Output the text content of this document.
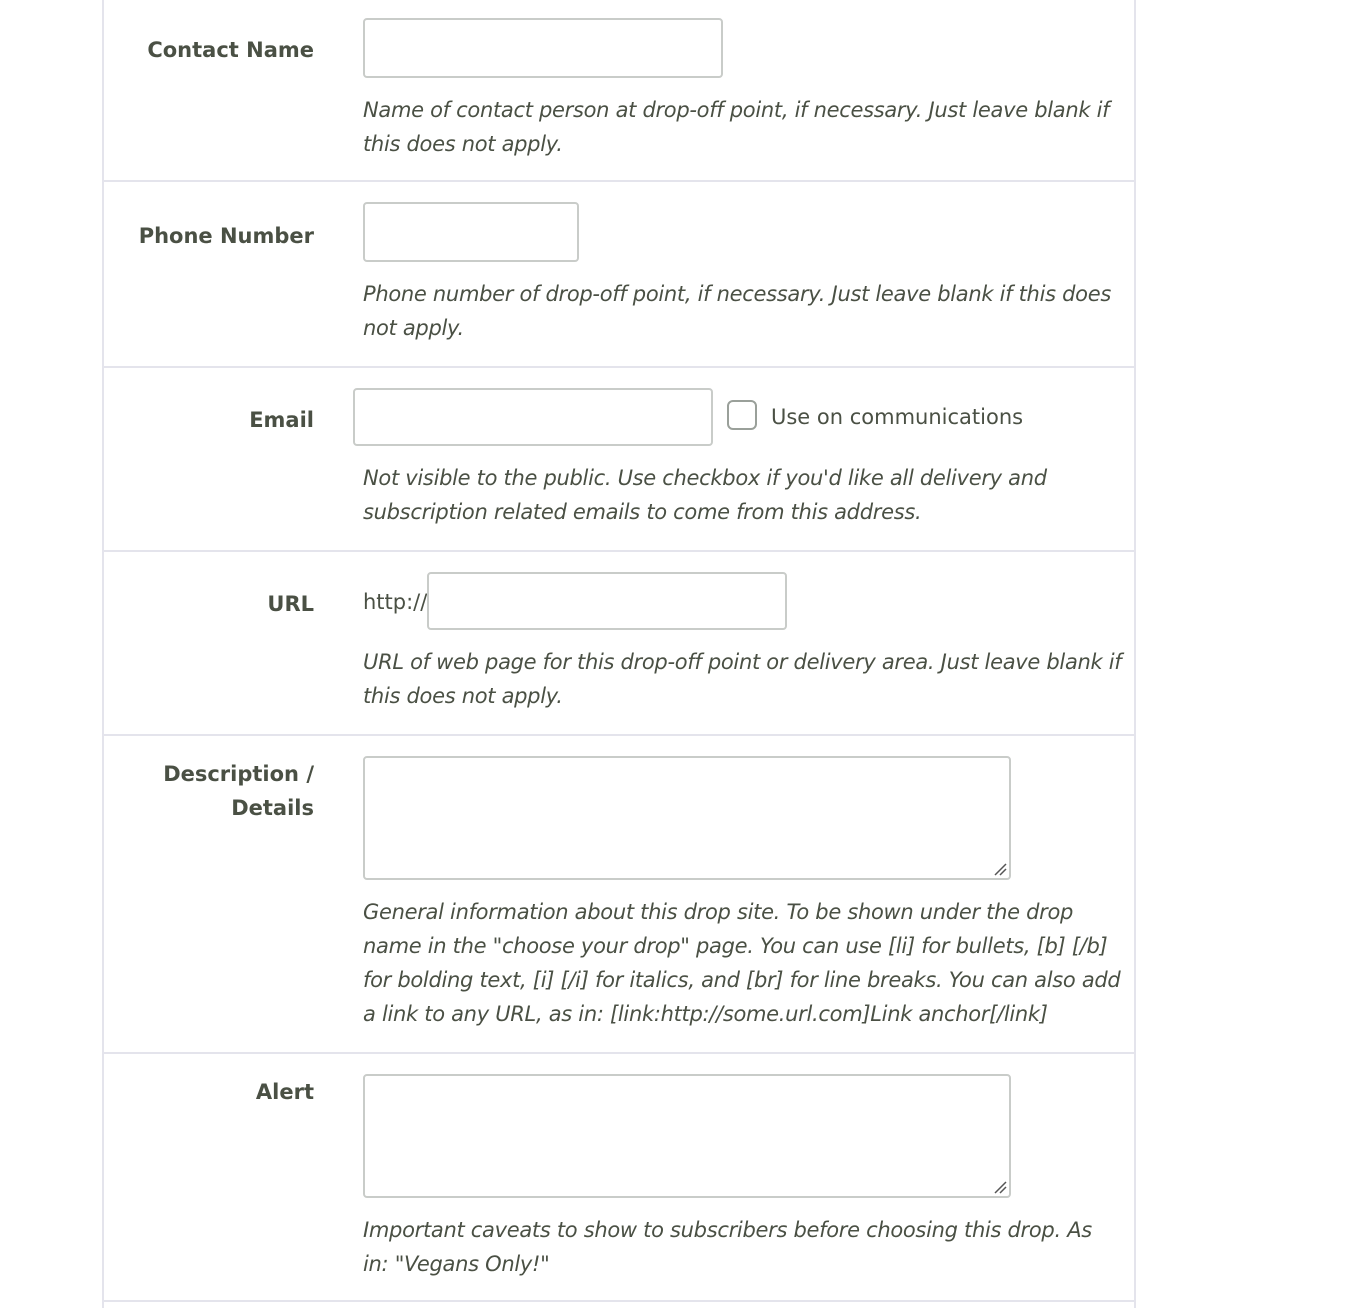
Contact Name
Name of contact person at drop-off point, if necessary. Just leave blank if this does not apply.
Phone Number
Phone number of drop-off point, if necessary. Just leave blank if this does not apply.
Email	Use on communications
Not visible to the public. Use checkbox if you'd like all delivery and subscription related emails to come from this address.
URL http://
URL of web page for this drop-off point or delivery area. Just leave blank if this does not apply.
Description / Details
General information about this drop site. To be shown under the drop name in the "choose your drop" page. You can use [li] for bullets, [b] [/b] for bolding text, [i] [/i] for italics, and [br] for line breaks. You can also add a link to any URL, as in: [link:http://some.url.com]Link anchor[/link]
Alert
Important caveats to show to subscribers before choosing this drop. As in: "Vegans Only!"
